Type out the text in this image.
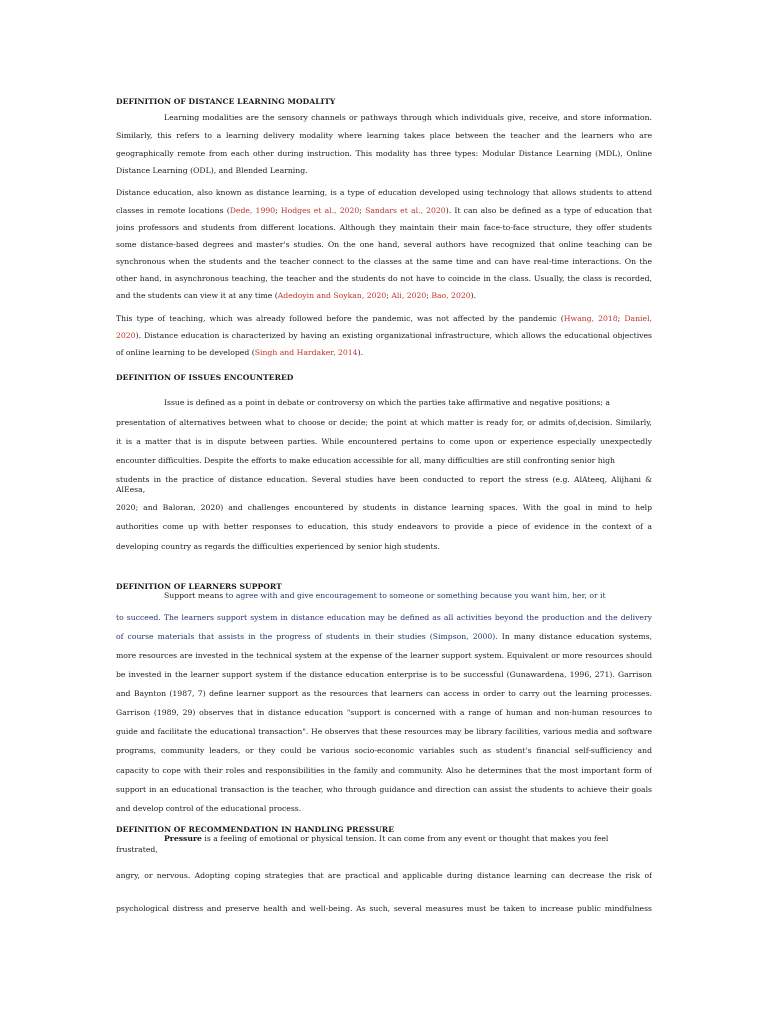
DEFINITION OF DISTANCE LEARNING MODALITY
Learning modalities are the sensory channels or pathways through which individuals give, receive, and store information.
Similarly, this refers to a learning delivery modality where learning takes place between the teacher and the learners who are
geographically remote from each other during instruction. This modality has three types: Modular Distance Learning (MDL), Online
Distance Learning (ODL), and Blended Learning.
Distance education, also known as distance learning, is a type of education developed using technology that allows students to attend
classes in remote locations (Dede, 1990; Hodges et al., 2020; Sandars et al., 2020). It can also be defined as a type of education that
joins professors and students from different locations. Although they maintain their main face-to-face structure, they offer students
some distance-based degrees and master's studies. On the one hand, several authors have recognized that online teaching can be
synchronous when the students and the teacher connect to the classes at the same time and can have real-time interactions. On the
other hand, in asynchronous teaching, the teacher and the students do not have to coincide in the class. Usually, the class is recorded,
and the students can view it at any time (Adedoyin and Soykan, 2020; Ali, 2020; Bao, 2020).
This type of teaching, which was already followed before the pandemic, was not affected by the pandemic (Hwang, 2018; Daniel,
2020). Distance education is characterized by having an existing organizational infrastructure, which allows the educational objectives
of online learning to be developed (Singh and Hardaker, 2014).
DEFINITION OF ISSUES ENCOUNTERED
Issue is defined as a point in debate or controversy on which the parties take affirmative and negative positions; a
presentation of alternatives between what to choose or decide; the point at which matter is ready for, or admits of,decision. Similarly,
it is a matter that is in dispute between parties. While encountered pertains to come upon or experience especially unexpectedly
encounter difficulties. Despite the efforts to make education accessible for all, many difficulties are still confronting senior high
students in the practice of distance education. Several studies have been conducted to report the stress (e.g. AlAteeq, Alijhani &
AlEesa,
2020; and Baloran, 2020) and challenges encountered by students in distance learning spaces. With the goal in mind to help
authorities come up with better responses to education, this study endeavors to provide a piece of evidence in the context of a
developing country as regards the difficulties experienced by senior high students.
DEFINITION OF LEARNERS SUPPORT
Support means to agree with and give encouragement to someone or something because you want him, her, or it
to succeed. The learners support system in distance education may be defined as all activities beyond the production and the delivery
of course materials that assists in the progress of students in their studies (Simpson, 2000). In many distance education systems,
more resources are invested in the technical system at the expense of the learner support system. Equivalent or more resources should
be invested in the learner support system if the distance education enterprise is to be successful (Gunawardena, 1996, 271). Garrison
and Baynton (1987, 7) define learner support as the resources that learners can access in order to carry out the learning processes.
Garrison (1989, 29) observes that in distance education "support is concerned with a range of human and non-human resources to
guide and facilitate the educational transaction". He observes that these resources may be library facilities, various media and software
programs, community leaders, or they could be various socio-economic variables such as student's financial self-sufficiency and
capacity to cope with their roles and responsibilities in the family and community. Also he determines that the most important form of
support in an educational transaction is the teacher, who through guidance and direction can assist the students to achieve their goals
and develop control of the educational process.
DEFINITION OF RECOMMENDATION IN HANDLING PRESSURE
Pressure is a feeling of emotional or physical tension. It can come from any event or thought that makes you feel
frustrated,
angry, or nervous. Adopting coping strategies that are practical and applicable during distance learning can decrease the risk of
psychological distress and preserve health and well-being. As such, several measures must be taken to increase public mindfulness
